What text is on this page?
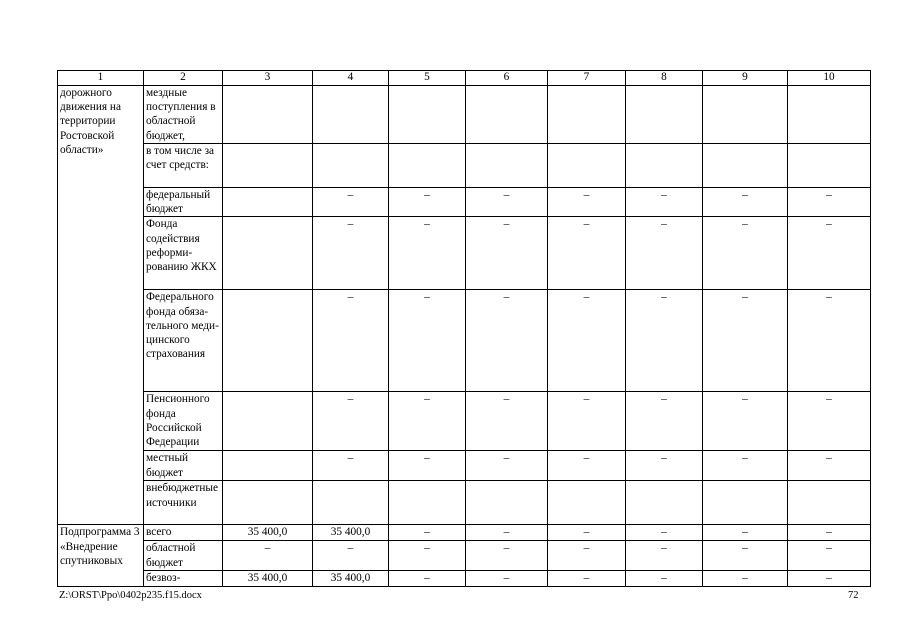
1	2	3	4	5	6	7	8	9	10
дорожного движения на территории Ростовской области»	мездные поступления в областной бюджет,								
	в том числе за счет средств:								
	федеральный бюджет		–	–	–	–	–	–	–
	Фонда содействия реформированию ЖКХ		–	–	–	–	–	–	–
	Федерального фонда обязательного медицинского страхования		–	–	–	–	–	–	–
	Пенсионного фонда Российской Федерации		–	–	–	–	–	–	–
	местный бюджет		–	–	–	–	–	–	–
	внебюджетные источники								
Подпрограмма 3 «Внедрение спутниковых	всего	35 400,0	35 400,0	–	–	–	–	–	–
	областной бюджет	–	–	–	–	–	–	–	–
	безвоз-	35 400,0	35 400,0	–	–	–	–	–	–
Z:\ORST\Ppo\0402p235.f15.docx	72
